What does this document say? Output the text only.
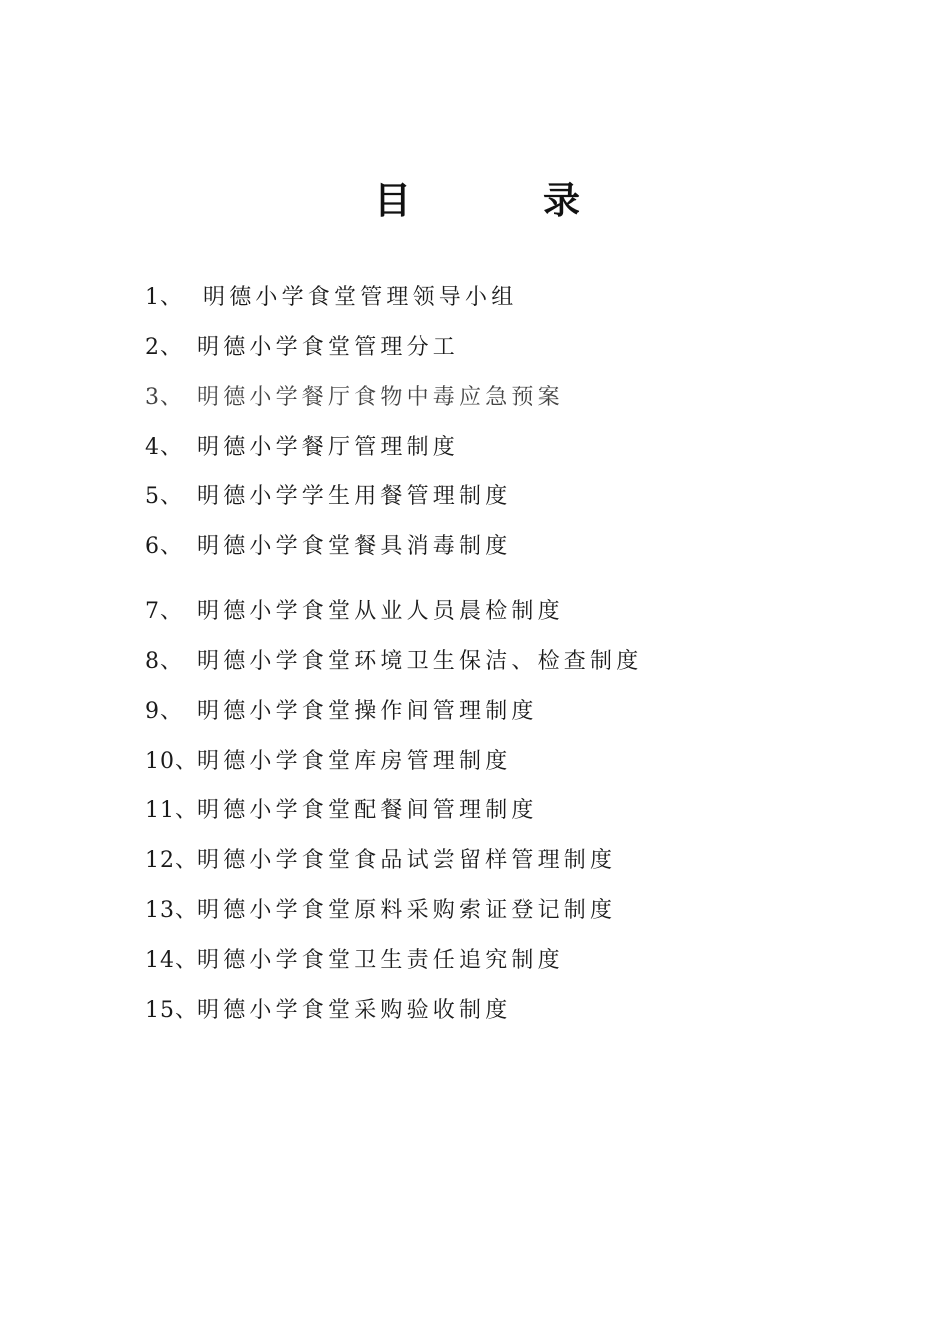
目	录
1、 明德小学食堂管理领导小组
2、 明德小学食堂管理分工
3、 明德小学餐厅食物中毒应急预案
4、 明德小学餐厅管理制度
5、 明德小学学生用餐管理制度
6、 明德小学食堂餐具消毒制度
7、 明德小学食堂从业人员晨检制度
8、 明德小学食堂环境卫生保洁、检查制度
9、 明德小学食堂操作间管理制度
10、 明德小学食堂库房管理制度
11、 明德小学食堂配餐间管理制度
12、 明德小学食堂食品试尝留样管理制度
13、 明德小学食堂原料采购索证登记制度
14、 明德小学食堂卫生责任追究制度
15、 明德小学食堂采购验收制度
